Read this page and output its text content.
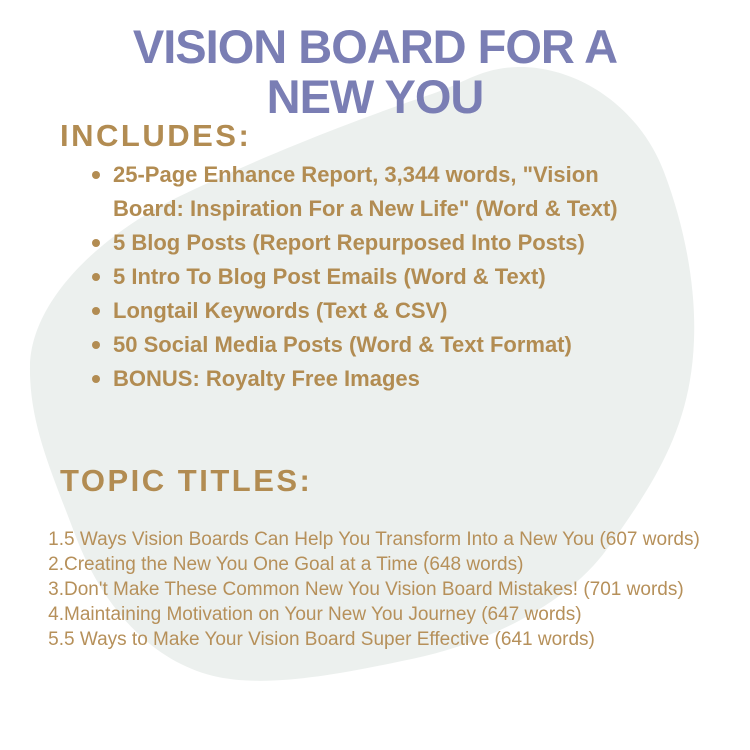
VISION BOARD FOR A
NEW YOU
INCLUDES:
25-Page Enhance Report, 3,344 words, "Vision Board: Inspiration For a New Life" (Word & Text)
5 Blog Posts (Report Repurposed Into Posts)
5 Intro To Blog Post Emails (Word & Text)
Longtail Keywords (Text & CSV)
50 Social Media Posts (Word & Text Format)
BONUS: Royalty Free Images
TOPIC TITLES:
1.5 Ways Vision Boards Can Help You Transform Into a New You (607 words)
2.Creating the New You One Goal at a Time (648 words)
3.Don't Make These Common New You Vision Board Mistakes! (701 words)
4.Maintaining Motivation on Your New You Journey (647 words)
5.5 Ways to Make Your Vision Board Super Effective (641 words)
